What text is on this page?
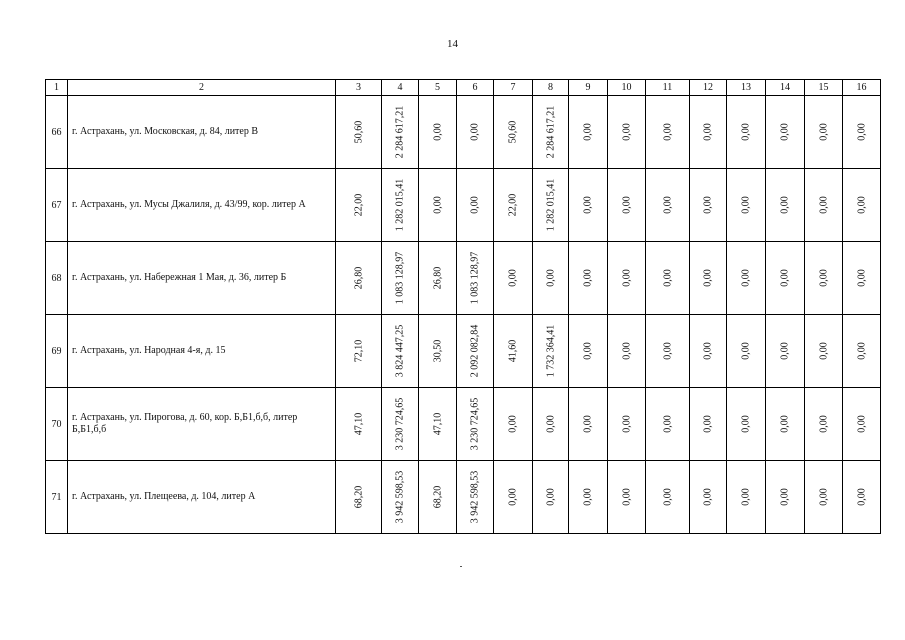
14
1	2	3	4	5	6	7	8	9	10	11	12	13	14	15	16
66	г. Астрахань, ул. Московская, д. 84, литер В	50,60	2 284 617,21	0,00	0,00	50,60	2 284 617,21	0,00	0,00	0,00	0,00	0,00	0,00	0,00	0,00

67	г. Астрахань, ул. Мусы Джалиля, д. 43/99, кор. литер А	22,00	1 282 015,41	0,00	0,00	22,00	1 282 015,41	0,00	0,00	0,00	0,00	0,00	0,00	0,00	0,00

68	г. Астрахань, ул. Набережная 1 Мая, д. 36, литер Б	26,80	1 083 128,97	26,80	1 083 128,97	0,00	0,00	0,00	0,00	0,00	0,00	0,00	0,00	0,00	0,00

69	г. Астрахань, ул. Народная 4-я, д. 15	72,10	3 824 447,25	30,50	2 092 082,84	41,60	1 732 364,41	0,00	0,00	0,00	0,00	0,00	0,00	0,00	0,00

70	г. Астрахань, ул. Пирогова, д. 60, кор. Б,Б1,б,б, литер Б,Б1,б,б	47,10	3 230 724,65	47,10	3 230 724,65	0,00	0,00	0,00	0,00	0,00	0,00	0,00	0,00	0,00	0,00

71	г. Астрахань, ул. Плещеева, д. 104, литер А	68,20	3 942 598,53	68,20	3 942 598,53	0,00	0,00	0,00	0,00	0,00	0,00	0,00	0,00	0,00	0,00
